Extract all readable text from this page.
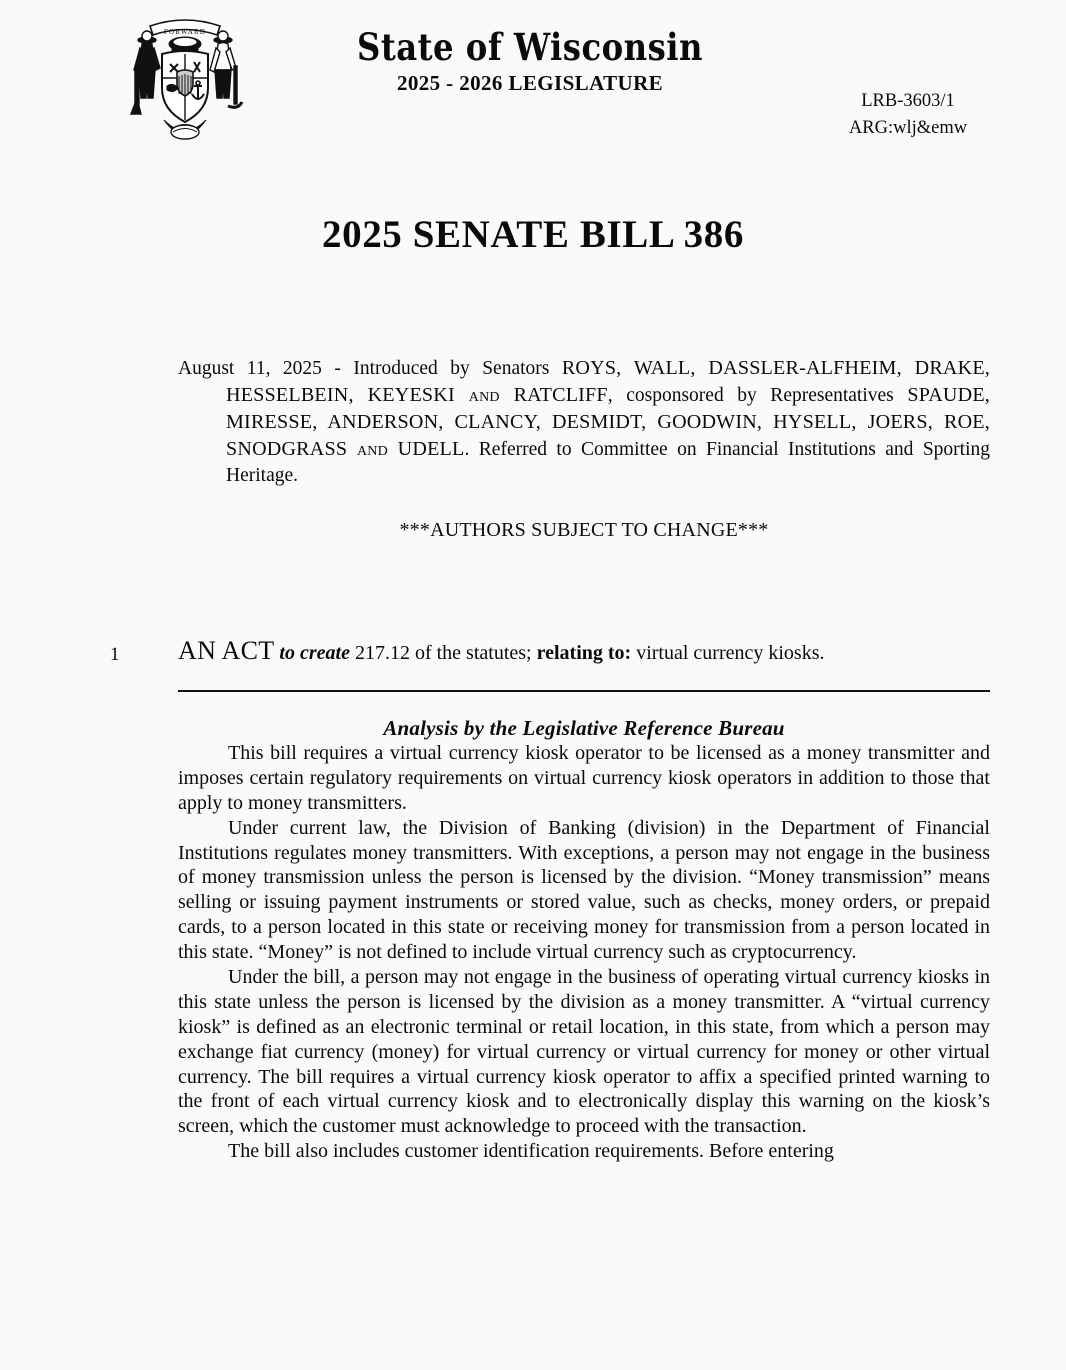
FORWARD	State of Wisconsin
2025 - 2026 LEGISLATURE
LRB-3603/1
ARG:wlj&emw
2025 SENATE BILL 386
August 11, 2025 - Introduced by Senators ROYS, WALL, DASSLER-ALFHEIM, DRAKE, HESSELBEIN, KEYESKI and RATCLIFF, cosponsored by Representatives SPAUDE, MIRESSE, ANDERSON, CLANCY, DESMIDT, GOODWIN, HYSELL, JOERS, ROE, SNODGRASS and UDELL. Referred to Committee on Financial Institutions and Sporting Heritage.
***AUTHORS SUBJECT TO CHANGE***
1 AN ACT to create 217.12 of the statutes; relating to: virtual currency kiosks.
Analysis by the Legislative Reference Bureau

This bill requires a virtual currency kiosk operator to be licensed as a money transmitter and imposes certain regulatory requirements on virtual currency kiosk operators in addition to those that apply to money transmitters.

Under current law, the Division of Banking (division) in the Department of Financial Institutions regulates money transmitters. With exceptions, a person may not engage in the business of money transmission unless the person is licensed by the division. “Money transmission” means selling or issuing payment instruments or stored value, such as checks, money orders, or prepaid cards, to a person located in this state or receiving money for transmission from a person located in this state. “Money” is not defined to include virtual currency such as cryptocurrency.

Under the bill, a person may not engage in the business of operating virtual currency kiosks in this state unless the person is licensed by the division as a money transmitter. A “virtual currency kiosk” is defined as an electronic terminal or retail location, in this state, from which a person may exchange fiat currency (money) for virtual currency or virtual currency for money or other virtual currency. The bill requires a virtual currency kiosk operator to affix a specified printed warning to the front of each virtual currency kiosk and to electronically display this warning on the kiosk’s screen, which the customer must acknowledge to proceed with the transaction.

The bill also includes customer identification requirements. Before entering
